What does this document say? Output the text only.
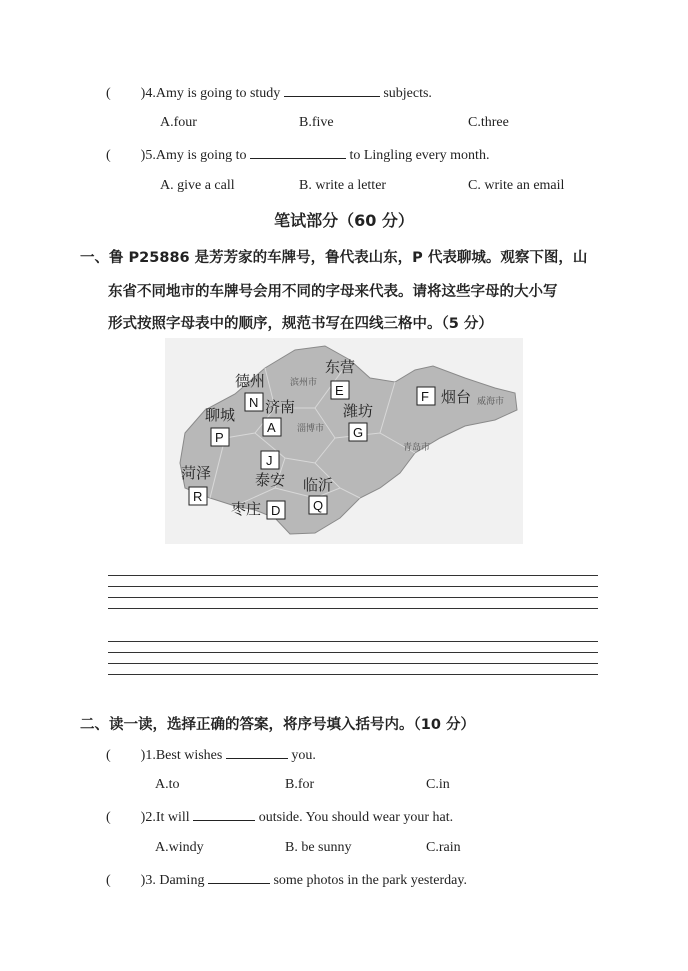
( )4.Amy is going to study	subjects.
A.four	B.five	C.three
( )5.Amy is going to	to Lingling every month.
A. give a call	B. write a letter	C. write an email
笔试部分（60 分）
一、鲁 P25886 是芳芳家的车牌号，鲁代表山东，P 代表聊城。观察下图，山
东省不同地市的车牌号会用不同的字母来代表。请将这些字母的大小写
形式按照字母表中的顺序，规范书写在四线三格中。（5 分）
德州
N
东营
E
济南
A
聊城
P
潍坊
G
烟台
F
J
泰安
菏泽
R
临沂
Q
枣庄 D
滨州市
淄博市
威海市
青岛市
二、读一读，选择正确的答案，将序号填入括号内。（10 分）
( )1.Best wishes	you.
A.to	B.for	C.in
( )2.It will	outside. You should wear your hat.
A.windy	B. be sunny	C.rain
( )3. Daming	some photos in the park yesterday.
